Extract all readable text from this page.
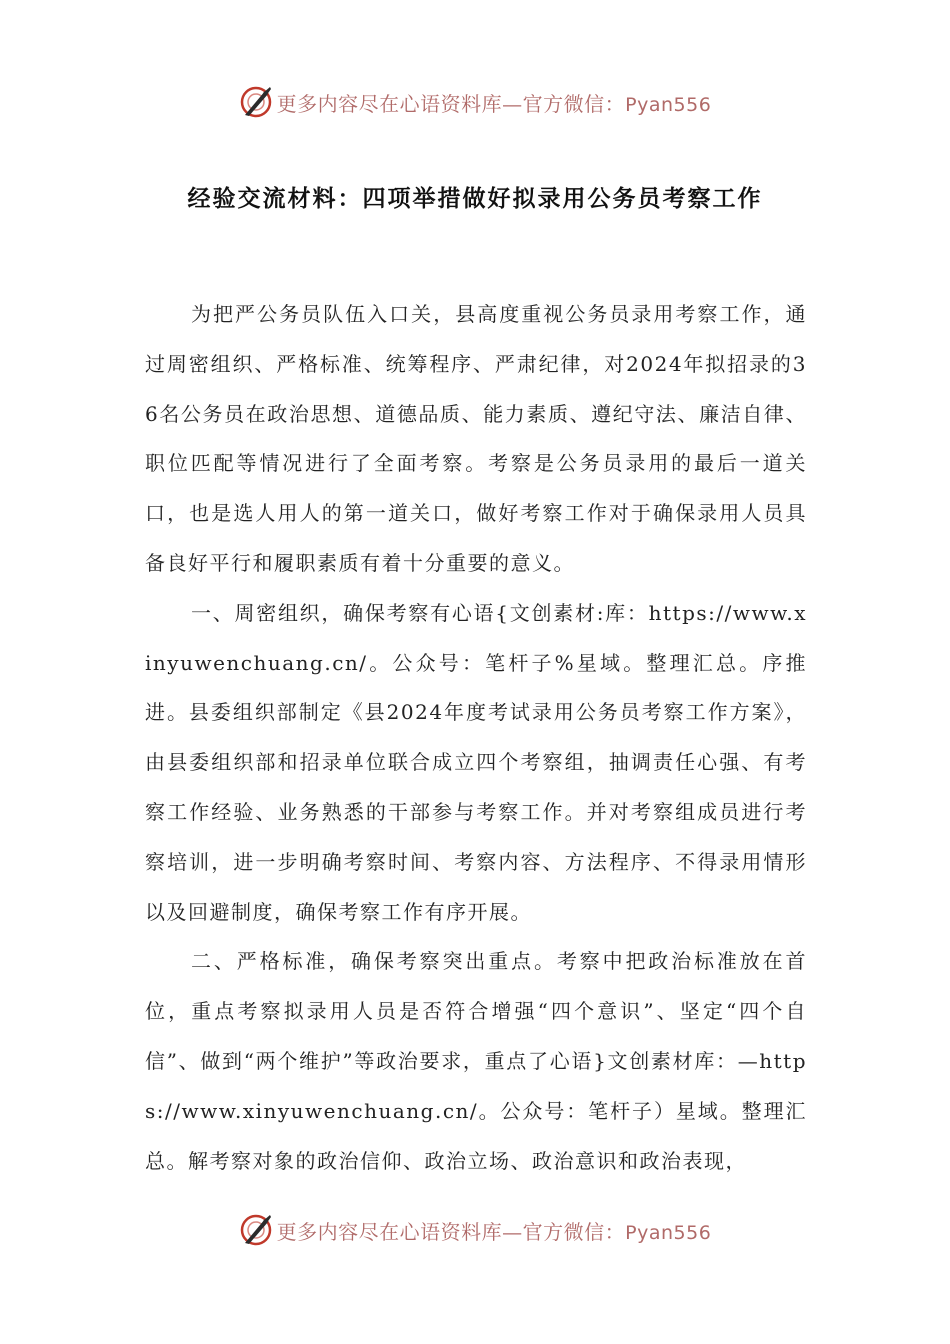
更多内容尽在心语资料库—官方微信：Pyan556
经验交流材料：四项举措做好拟录用公务员考察工作

为把严公务员队伍入口关，县高度重视公务员录用考察工作，通过周密组织、严格标准、统筹程序、严肃纪律，对2024年拟招录的36名公务员在政治思想、道德品质、能力素质、遵纪守法、廉洁自律、职位匹配等情况进行了全面考察。考察是公务员录用的最后一道关口，也是选人用人的第一道关口，做好考察工作对于确保录用人员具备良好平行和履职素质有着十分重要的意义。

一、周密组织，确保考察有心语{文创素材:库：https://www.xinyuwenchuang.cn/。公众号：笔杆子%星域。整理汇总。序推进。县委组织部制定《县2024年度考试录用公务员考察工作方案》，由县委组织部和招录单位联合成立四个考察组，抽调责任心强、有考察工作经验、业务熟悉的干部参与考察工作。并对考察组成员进行考察培训，进一步明确考察时间、考察内容、方法程序、不得录用情形以及回避制度，确保考察工作有序开展。

二、严格标准，确保考察突出重点。考察中把政治标准放在首位，重点考察拟录用人员是否符合增强“四个意识”、坚定“四个自信”、做到“两个维护”等政治要求，重点了心语}文创素材库：—https://www.xinyuwenchuang.cn/。公众号：笔杆子）星域。整理汇总。解考察对象的政治信仰、政治立场、政治意识和政治表现，

更多内容尽在心语资料库—官方微信：Pyan556
